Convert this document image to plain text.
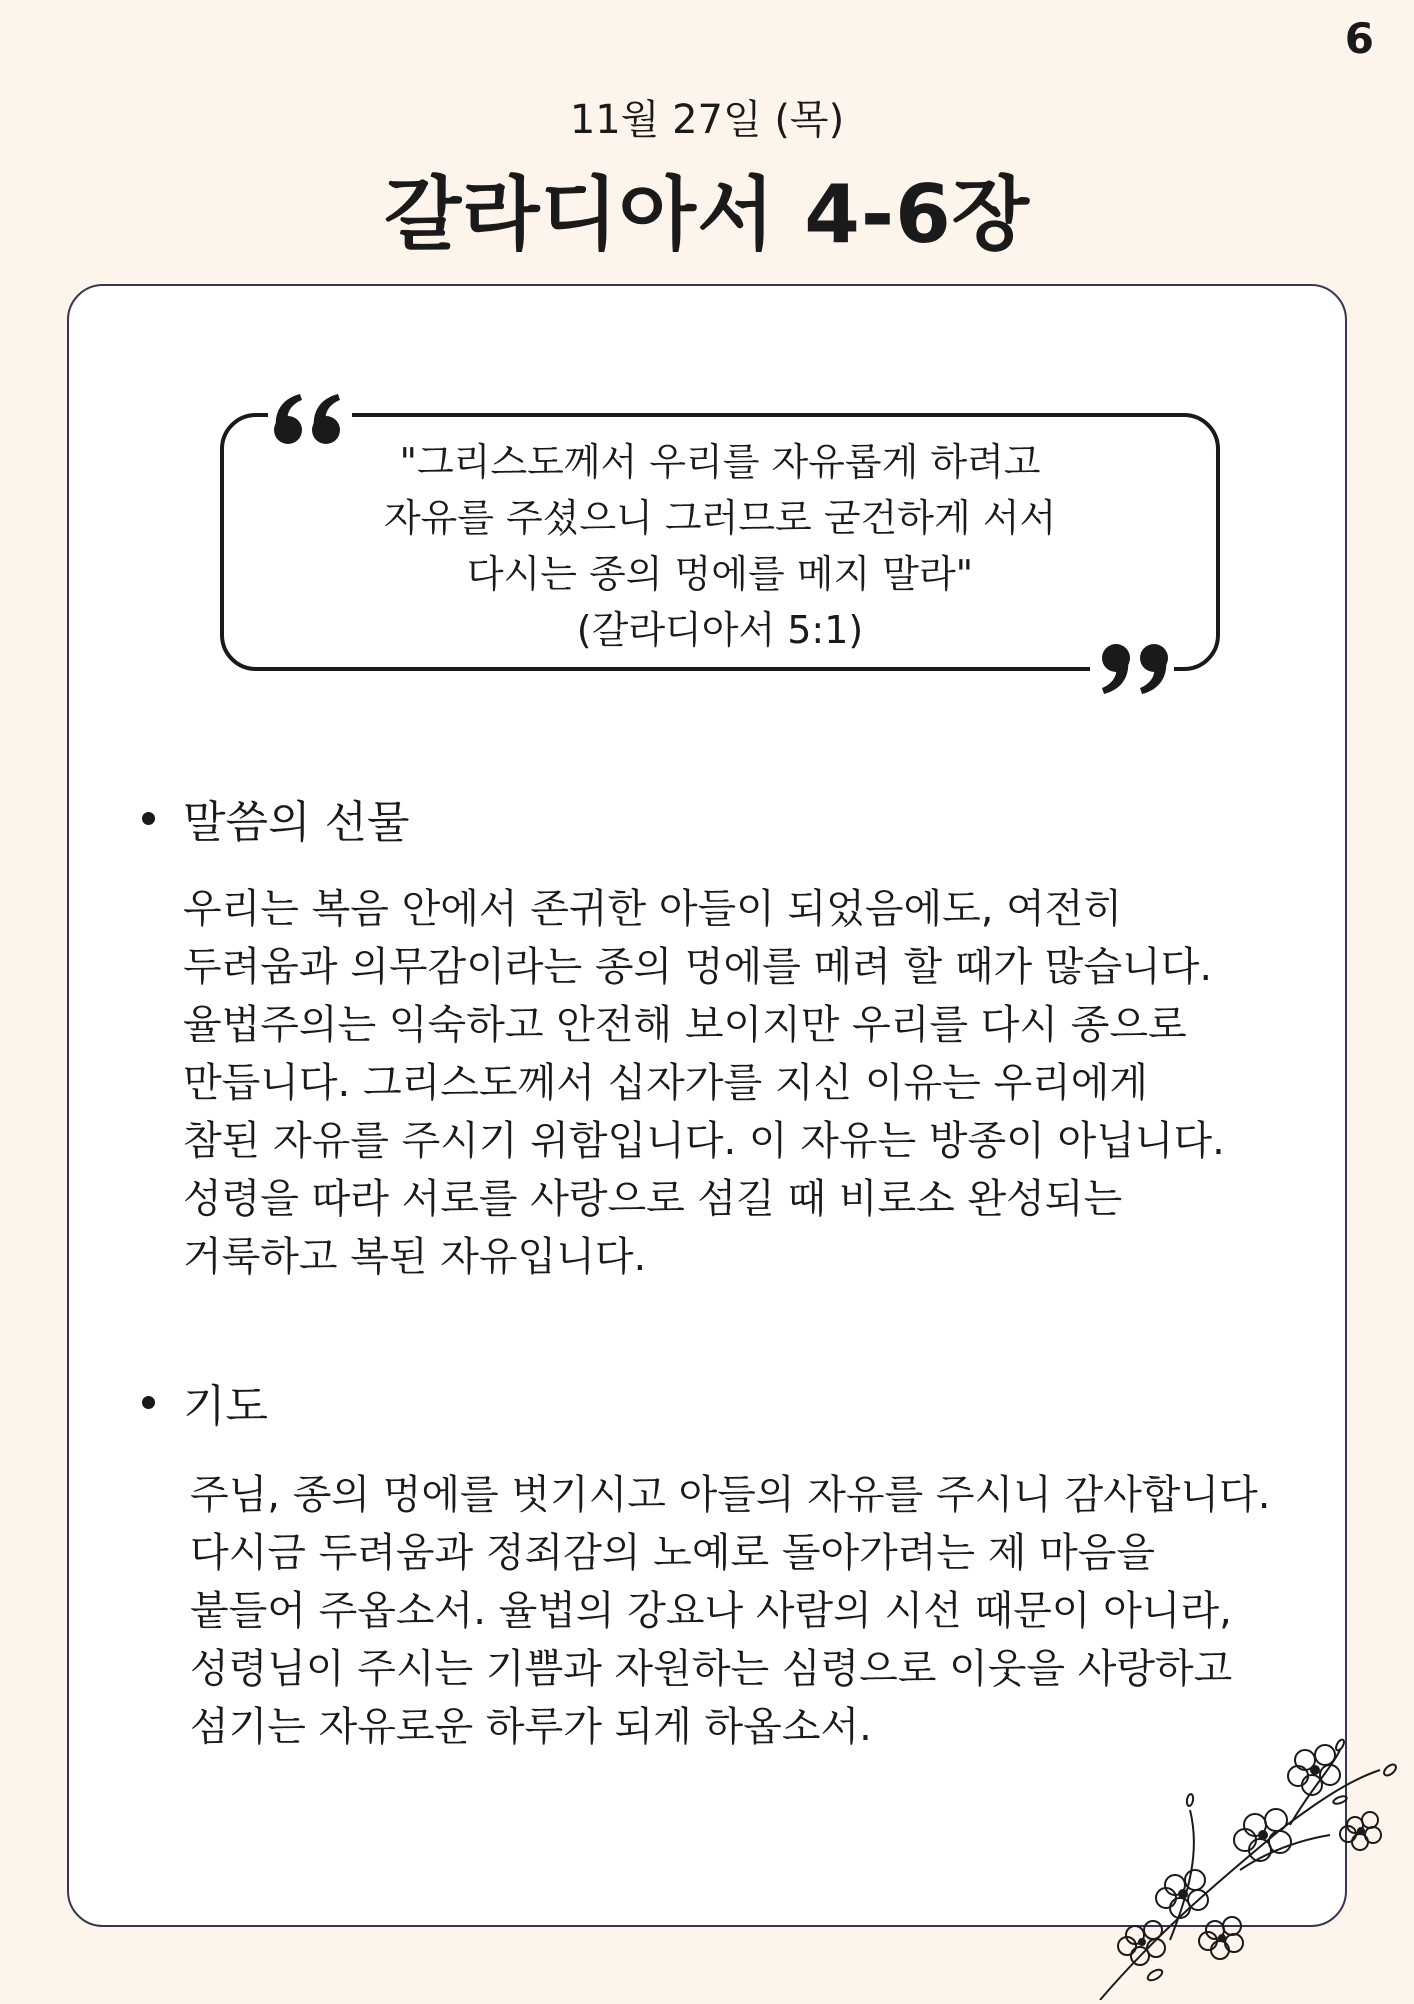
6
11월 27일 (목)
갈라디아서 4-6장
"그리스도께서 우리를 자유롭게 하려고
자유를 주셨으니 그러므로 굳건하게 서서
다시는 종의 멍에를 메지 말라"
(갈라디아서 5:1)
말씀의 선물
우리는 복음 안에서 존귀한 아들이 되었음에도, 여전히
두려움과 의무감이라는 종의 멍에를 메려 할 때가 많습니다.
율법주의는 익숙하고 안전해 보이지만 우리를 다시 종으로
만듭니다. 그리스도께서 십자가를 지신 이유는 우리에게
참된 자유를 주시기 위함입니다. 이 자유는 방종이 아닙니다.
성령을 따라 서로를 사랑으로 섬길 때 비로소 완성되는
거룩하고 복된 자유입니다.
기도
주님, 종의 멍에를 벗기시고 아들의 자유를 주시니 감사합니다.
다시금 두려움과 정죄감의 노예로 돌아가려는 제 마음을
붙들어 주옵소서. 율법의 강요나 사람의 시선 때문이 아니라,
성령님이 주시는 기쁨과 자원하는 심령으로 이웃을 사랑하고
섬기는 자유로운 하루가 되게 하옵소서.
